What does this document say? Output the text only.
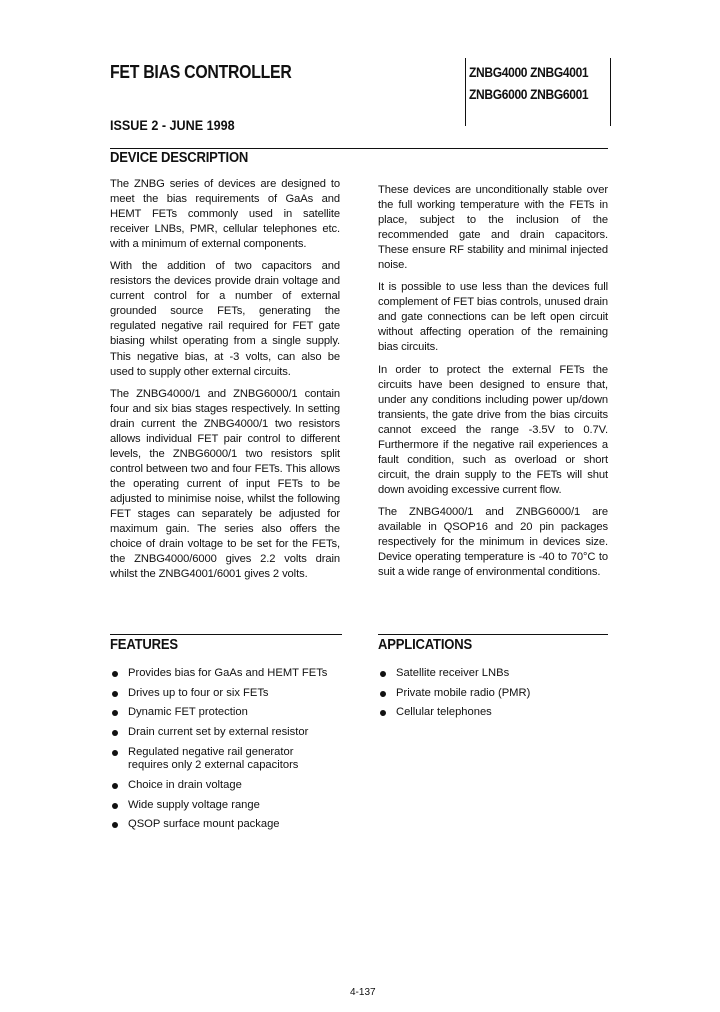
FET BIAS CONTROLLER	ZNBG4000 ZNBG4001
ZNBG6000 ZNBG6001
ISSUE 2 - JUNE 1998
DEVICE DESCRIPTION

The ZNBG series of devices are designed to meet the bias requirements of GaAs and HEMT FETs commonly used in satellite receiver LNBs, PMR, cellular telephones etc. with a minimum of external components.

With the addition of two capacitors and resistors the devices provide drain voltage and current control for a number of external grounded source FETs, generating the regulated negative rail required for FET gate biasing whilst operating from a single supply. This negative bias, at -3 volts, can also be used to supply other external circuits.

The ZNBG4000/1 and ZNBG6000/1 contain four and six bias stages respectively. In setting drain current the ZNBG4000/1 two resistors allows individual FET pair control to different levels, the ZNBG6000/1 two resistors split control between two and four FETs. This allows the operating current of input FETs to be adjusted to minimise noise, whilst the following FET stages can separately be adjusted for maximum gain. The series also offers the choice of drain voltage to be set for the FETs, the ZNBG4000/6000 gives 2.2 volts drain whilst the ZNBG4001/6001 gives 2 volts.

These devices are unconditionally stable over the full working temperature with the FETs in place, subject to the inclusion of the recommended gate and drain capacitors. These ensure RF stability and minimal injected noise.

It is possible to use less than the devices full complement of FET bias controls, unused drain and gate connections can be left open circuit without affecting operation of the remaining bias circuits.

In order to protect the external FETs the circuits have been designed to ensure that, under any conditions including power up/down transients, the gate drive from the bias circuits cannot exceed the range -3.5V to 0.7V. Furthermore if the negative rail experiences a fault condition, such as overload or short circuit, the drain supply to the FETs will shut down avoiding excessive current flow.

The ZNBG4000/1 and ZNBG6000/1 are available in QSOP16 and 20 pin packages respectively for the minimum in devices size. Device operating temperature is -40 to 70°C to suit a wide range of environmental conditions.

FEATURES
Provides bias for GaAs and HEMT FETs
Drives up to four or six FETs
Dynamic FET protection
Drain current set by external resistor
Regulated negative rail generator requires only 2 external capacitors
Choice in drain voltage
Wide supply voltage range
QSOP surface mount package
APPLICATIONS
Satellite receiver LNBs
Private mobile radio (PMR)
Cellular telephones
4-137
